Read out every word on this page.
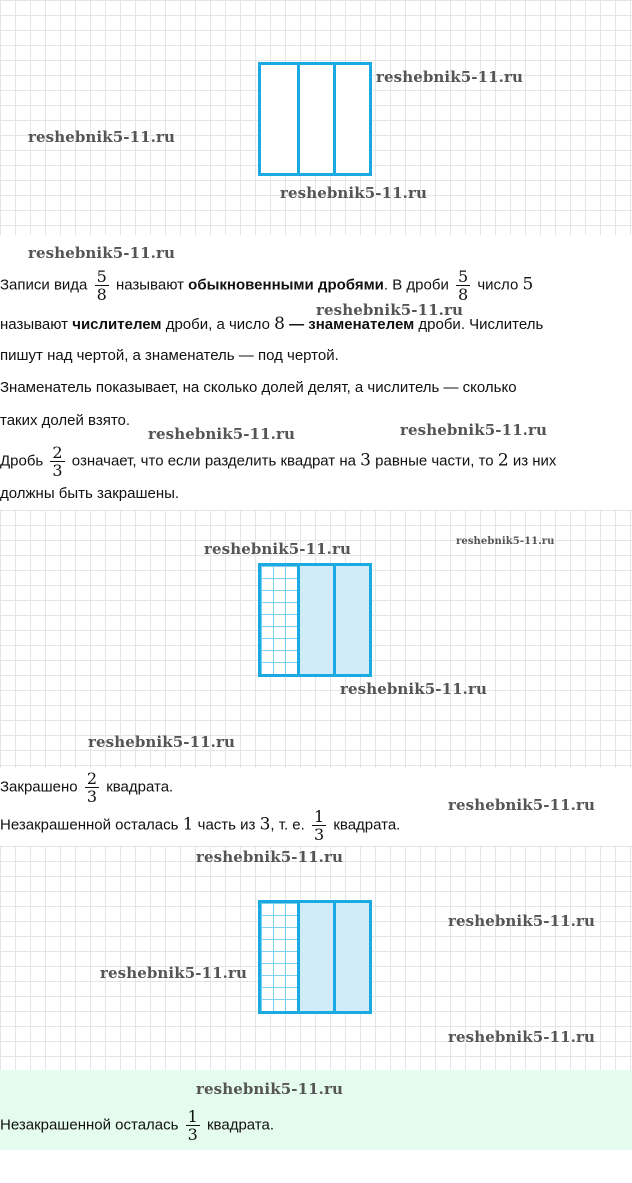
reshebnik5-11.ru
reshebnik5-11.ru
reshebnik5-11.ru
reshebnik5-11.ru
Записи вида $\frac{5}{8}$ называют обыкновенными дробями. В дроби $\frac{5}{8}$ число 5
reshebnik5-11.ru
называют числителем дроби, а число 8 — знаменателем дроби. Числитель
пишут над чертой, а знаменатель — под чертой.
Знаменатель показывает, на сколько долей делят, а числитель — сколько
таких долей взято.
reshebnik5-11.ru	reshebnik5-11.ru
Дробь $\frac{2}{3}$ означает, что если разделить квадрат на 3 равные части, то 2 из них
должны быть закрашены.
reshebnik5-11.ru	reshebnik5-11.ru
reshebnik5-11.ru
reshebnik5-11.ru
Закрашено $\frac{2}{3}$ квадрата.
reshebnik5-11.ru
Незакрашенной осталась 1 часть из 3, т. е. $\frac{1}{3}$ квадрата.
reshebnik5-11.ru
reshebnik5-11.ru
reshebnik5-11.ru
reshebnik5-11.ru
reshebnik5-11.ru
Незакрашенной осталась $\frac{1}{3}$ квадрата.
